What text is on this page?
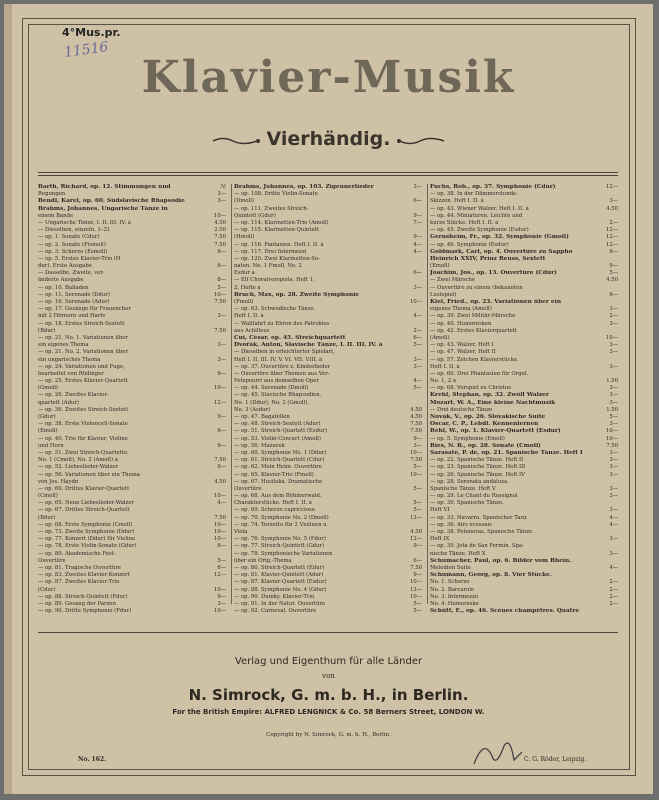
4°Mus.pr.
11516
Klavier-Musik
Vierhändig.
Barth, Richard, op. 12. Stimmungen und	ℳ
Regungen	3—
Bendl, Karel, op. 60. Südslavische Rhapsodie	3—
Brahms, Johannes, Ungarische Tänze in
einem Bande	10—
— Ungarische Tänze, I. II. III. IV. à	4.50
— Dieselben, einzeln, 1–21	2.50
— op. 1. Sonate (Cdur)	7.50
— op. 2. Sonate (Fismoll)	7.50
— op. 3. Scherzo (Esmoll)	6—
— op. 5. Erstes Klavier-Trio (H
dur). Erste Ausgabe	6—
— Dasselbe. Zweite, ver-
änderte Ausgabe	8—
— op. 10. Balladen	5—
— op. 11. Serenade (Ddur)	10—
— op. 16. Serenade (Adur)	7.50
— op. 17. Gesänge für Frauenchor
mit 2 Hörnern und Harfe	3—
— op. 18. Erstes Streich-Sextett
(Bdur)	7.50
— op. 21. No. 1. Variationen über
ein eigenes Thema	3—
— op. 21. No. 2. Variationen über
ein ungarisches Thema	3—
— op. 24. Variationen und Fuge,
bearbeitet von Rüdinger	6—
— op. 25. Erstes Klavier-Quartett
(Gmoll)	10—
— op. 26. Zweites Klavier-
quartett (Adur)	12—
— op. 36. Zweites Streich-Sextett
(Gdur)	9—
— op. 38. Erste Violoncell-Sonate
(Emoll)	6—
— op. 40. Trio für Klavier, Violine
und Horn	6—
— op. 51. Zwei Streich-Quartette.
No. 1 (Cmoll), No. 2 (Amoll) à	7.50
— op. 52. Liebeslieder-Walzer	6—
— op. 56. Variationen über ein Thema
von Jos. Haydn	4.50
— op. 60. Drittes Klavier-Quartett
(Cmoll)	10—
— op. 65. Neue Liebeslieder-Walzer	4—
— op. 67. Drittes Streich-Quartett
(Bdur)	7.50
— op. 68. Erste Symphonie (Cmoll)	10—
— op. 73. Zweite Symphonie (Ddur)	10—
— op. 77. Konzert (Ddur) für Violine	10—
— op. 78. Erste Violin-Sonate (Gdur)	6—
— op. 80. Akademische Fest-
Ouvertüre	5—
— op. 81. Tragische Ouvertüre	6—
— op. 83. Zweites Klavier-Konzert	12—
— op. 87. Zweites Klavier-Trio
(Cdur)	10—
— op. 88. Streich-Quintett (Fdur)	9—
— op. 89. Gesang der Parzen	3—
— op. 90. Dritte Symphonie (Fdur)	10—
Brahms, Johannes, op. 103. Zigeunerlieder	3—
— op. 108. Dritte Violin-Sonate
(Dmoll)	6—
— op. 111. Zweites Streich-
Quintett (Gdur)	9—
— op. 114. Klarinetten-Trio (Amoll)	7—
— op. 115. Klarinetten-Quintett
(Hmoll)	9—
— op. 116. Fantasien. Heft I. II. à	4—
— op. 117. Drei Intermezzi	4—
— op. 120. Zwei Klarinetten-So-
naten. No. 1 Fmoll, No. 2
Esdur à	6—
— Elf Choralvorspiele. Heft 1,
2, Hefte à	3—
Bruch, Max, op. 28. Zweite Symphonie
(Fmoll)	10—
— op. 63. Schwedische Tänze.
Heft I. II. à	4—
— Wallfahrt zu Ehren des Patrokles
aus Achilleus	2—
Cui, César, op. 45. Streichquartett	6—
Dvořák, Anton, Slavische Tänze, I. II. III. IV. à	5—
— Dieselben in erleichterter Spielart,
Heft I. II. III. IV. V. VI. VII. VIII. à	3—
— op. 37. Ouvertüre z. Kinderlieder	3—
— Ouvertüre über Themen aus Ver-
Fetzpourri aus demselben Oper	4—
— op. 44. Serenade (Dmoll)	5—
— op. 45. Slavische Rhapsodien.
No. 1 (Ddur), No. 2 (Gmoll),
No. 3 (Asdur)	4.50
— op. 47. Bagatellen	4.50
— op. 48. Streich-Sextett (Adur)	7.50
— op. 51. Streich-Quartett (Esdur)	7.50
— op. 53. Violin-Concert (Amoll)	9—
— op. 56. Mazurek	3—
— op. 60. Symphonie No. 1 (Ddur)	10—
— op. 61. Streich-Quartett (Cdur)	7.50
— op. 62. Mein Heim. Ouvertüre	5—
— op. 65. Klavier-Trio (Fmoll)	10—
— op. 67. Husitská. Dramatische
Ouvertüre	5—
— op. 68. Aus dem Böhmerwald.
Charakterstücke. Heft I. II. à	5—
— op. 69. Scherzo capriccioso	5—
— op. 70. Symphonie No. 2 (Dmoll)	12—
— op. 74. Terzetto für 2 Violinen u.
Viola	4.50
— op. 76. Symphonie No. 5 (Fdur)	12—
— op. 77. Streich-Quintett (Gdur)	9—
— op. 78. Symphonische Variationen
über ein Orig.-Thema	6—
— op. 80. Streich-Quartett (Edur)	7.50
— op. 81. Klavier-Quintett (Adur)	9—
— op. 87. Klavier-Quartett (Esdur)	10—
— op. 88. Symphonie No. 4 (Gdur)	12—
— op. 90. Dumky. Klavier-Trio	10—
— op. 91. In der Natur. Ouvertüre	5—
— op. 92. Carneval. Ouvertüre	5—
Fuchs, Rob., op. 37. Symphonie (Cdur)	12—
— op. 38. In der Dämmerstunde.
Skizzen. Heft I. II. à	3—
— op. 43. Wiener Walzer. Heft I. II. à	4.50
— op. 44. Miniaturen. Leichte und
kurze Stücke. Heft I. II. à	2—
— op. 45. Zweite Symphonie (Esdur)	12—
Gernsheim, Fr., op. 32. Symphonie (Gmoll)	12—
— op. 46. Symphonie (Esdur)	12—
Goldmark, Carl, op. 4. Ouvertüre zu Sappho	6—
Heinrich XXIV, Prinz Reuss, Sextett
(Emoll)	9—
Joachim, Jos., op. 13. Ouvertüre (Cdur)	5—
— Zwei Märsche	4.50
— Ouvertüre zu einem (bekannten
Lustspiel)	6—
Kiel, Fried., op. 23. Variationen über ein
eigenes Thema (Amoll)	3—
— op. 39. Zwei Militär-Märsche	2—
— op. 40. Humoresken	3—
— op. 42. Erstes Klavierquartett
(Amoll)	10—
— op. 43. Walzer. Heft I	3—
— op. 47. Walzer, Heft II	3—
— op. 57. Zeichen Klavierstücke.
Heft I. II. à	3—
— op. 60. Drei Phantasien für Orgel.
No. 1, 2 à	1.50
— op. 68. Vorspiel zu Christus	3—
Krehl, Stephan, op. 32. Zwölf Walzer	3—
Mozart, W. A., Eine kleine Nachtmusik	3—
— Drei deutsche Tänze	1.50
Novák, V., op. 26. Slovakische Suite	5—
Oscar, C. P., Lebdl. Kennenlernen	3—
Rehl, W., op. 1. Klavier-Quartett (Esdur)	10—
— op. 5. Symphonie (Emoll)	10—
Ries, N. B., op. 28. Sonate (Cmoll)	7.50
Sarasate, P. de, op. 21. Spanische Tänze. Heft I	3—
— op. 22. Spanische Tänze. Heft II	3—
— op. 23. Spanische Tänze. Heft III	3—
— op. 26. Spanische Tänze. Heft IV	3—
— op. 28. Serenata andaluza.
Spanische Tänze. Heft V	3—
— op. 29. Le Chant du Rossignol	3—
— op. 30. Spanische Tänze.
Heft VI	3—
— op. 33. Navarra. Spanischer Tanz	4—
— op. 36. Airs écossais	4—
— op. 38. Peteneras. Spanische Tänze.
Heft IX	3—
— op. 39. Jota de San Fermin. Spa-
nische Tänze, Heft X	3—
Schumacher, Paul, op. 6. Bilder vom Rhein.
Melodien Suite	4—
Schumann, Georg, op. 8. Vier Stücke.
No. 1. Scherzo	2—
No. 2. Barcarole	2—
No. 3. Intermezzo	2—
No. 4. Humoreske	2—
Schütt, E., op. 46. Scènes champêtres. Quatre
Verlag und Eigenthum für alle Länder
von
N. Simrock, G. m. b. H., in Berlin.
For the British Empire: ALFRED LENGNICK & Co. 58 Berners Street, LONDON W.
Copyright by N. Simrock, G. m. b. H., Berlin.
No. 162.	C. G. Röder, Leipzig.
